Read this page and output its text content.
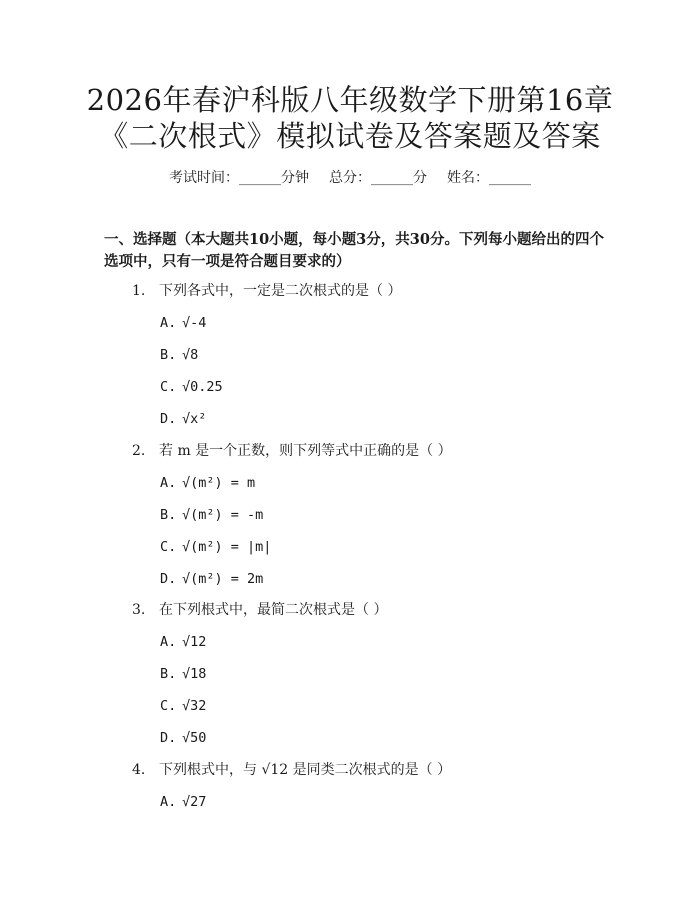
2026年春沪科版八年级数学下册第16章
《二次根式》模拟试卷及答案题及答案
考试时间：______分钟 总分：______分 姓名：______
一、选择题（本大题共10小题，每小题3分，共30分。下列每小题给出的四个选项中，只有一项是符合题目要求的）
1. 下列各式中，一定是二次根式的是（ ）
A. √-4
B. √8
C. √0.25
D. √x²
2. 若 m 是一个正数，则下列等式中正确的是（ ）
A. √(m²) = m
B. √(m²) = -m
C. √(m²) = |m|
D. √(m²) = 2m
3. 在下列根式中，最简二次根式是（ ）
A. √12
B. √18
C. √32
D. √50
4. 下列根式中，与 √12 是同类二次根式的是（ ）
A. √27
